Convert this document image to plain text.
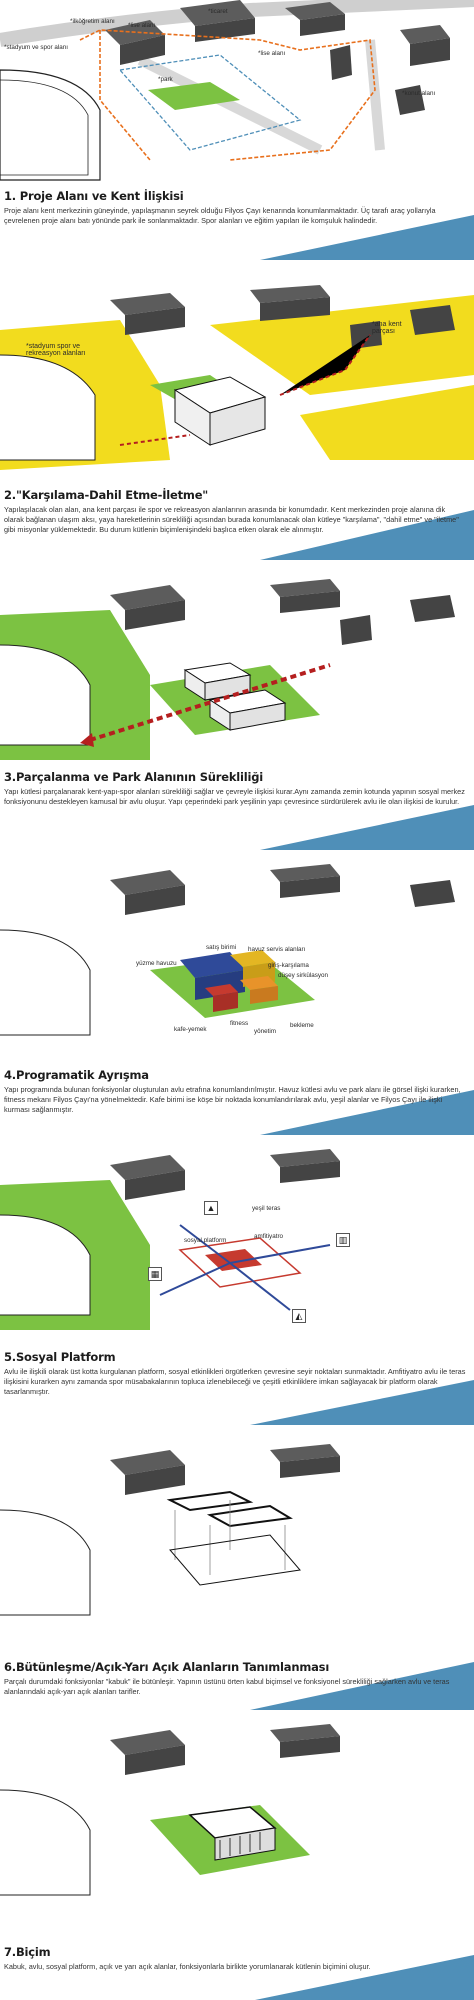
*ilköğretim alanı
*ticaret
*lise alanı
*stadyum ve spor alanı
*lise alanı
*park
*konut alanı
1. Proje Alanı ve Kent İlişkisi

Proje alanı kent merkezinin güneyinde, yapılaşmanın seyrek olduğu Filyos Çayı kenarında konumlanmaktadır. Üç tarafı araç yollarıyla çevrelenen proje alanı batı yönünde park ile sonlanmaktadır. Spor alanları ve eğitim yapıları ile komşuluk halindedir.

*stadyum spor ve rekreasyon alanları
*ana kent parçası
2."Karşılama-Dahil Etme-İletme"

Yapılaşılacak olan alan, ana kent parçası ile spor ve rekreasyon alanlarının arasında bir konumdadır. Kent merkezinden proje alanına dik olarak bağlanan ulaşım aksı, yaya hareketlerinin sürekliliği açısından burada konumlanacak olan kütleye "karşılama", "dahil etme" ve "iletme" gibi misyonlar yüklemektedir. Bu durum kütlenin biçimlenişindeki başlıca etken olarak ele alınmıştır.

3.Parçalanma ve Park Alanının Sürekliliği

Yapı kütlesi parçalanarak kent-yapı-spor alanları sürekliliği sağlar ve çevreyle ilişkisi kurar.Aynı zamanda zemin kotunda yapının sosyal merkez fonksiyonunu destekleyen kamusal bir avlu oluşur. Yapı çeperindeki park yeşilinin yapı çevresince sürdürülerek avlu ile olan ilişkisi de kurulur.

satış birimi havuz servis alanları
yüzme havuzu	giriş-karşılama
düşey sirkülasyon
kafe-yemek
fitness
yönetim
bekleme
4.Programatik Ayrışma

Yapı programında bulunan fonksiyonlar oluşturulan avlu etrafına konumlandırılmıştır. Havuz kütlesi avlu ve park alanı ile görsel ilişki kurarken, fitness mekanı Filyos Çayı'na yönelmektedir. Kafe birimi ise köşe bir noktada konumlandırılarak avlu, yeşil alanlar ve Filyos Çayı ile ilişki kurması sağlanmıştır.

▲
▥
▦
◭
yeşil teras
sosyal platform
amfitiyatro
5.Sosyal Platform

Avlu ile ilişkili olarak üst kotta kurgulanan platform, sosyal etkinlikleri örgütlerken çevresine seyir noktaları sunmaktadır. Amfitiyatro avlu ile teras ilişkisini kurarken aynı zamanda spor müsabakalarının topluca izlenebileceği ve çeşitli etkinliklere imkan sağlayacak bir platform olarak tasarlanmıştır.

6.Bütünleşme/Açık-Yarı Açık Alanların Tanımlanması

Parçalı durumdaki fonksiyonlar "kabuk" ile bütünleşir. Yapının üstünü örten kabul biçimsel ve fonksiyonel sürekliliği sağlarken avlu ve teras alanlarındaki açık-yarı açık alanları tarifler.

7.Biçim

Kabuk, avlu, sosyal platform, açık ve yarı açık alanlar, fonksiyonlarla birlikte yorumlanarak kütlenin biçimini oluşur.
